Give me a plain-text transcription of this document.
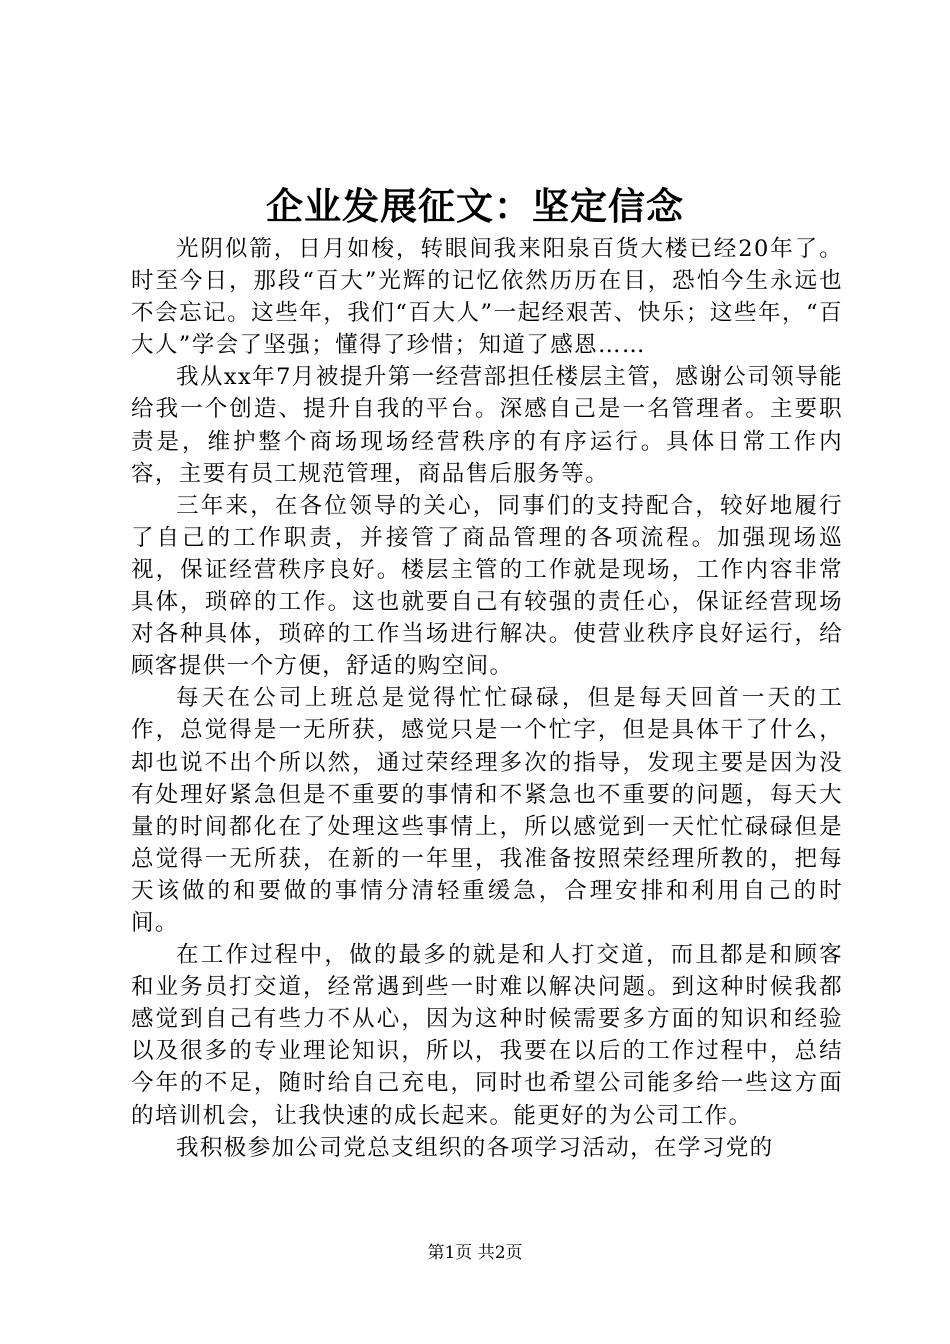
企业发展征文：坚定信念

光阴似箭，日月如梭，转眼间我来阳泉百货大楼已经20年了。时至今日，那段“百大”光辉的记忆依然历历在目，恐怕今生永远也不会忘记。这些年，我们“百大人”一起经艰苦、快乐；这些年，“百大人”学会了坚强；懂得了珍惜；知道了感恩……

我从xx年7月被提升第一经营部担任楼层主管，感谢公司领导能给我一个创造、提升自我的平台。深感自己是一名管理者。主要职责是，维护整个商场现场经营秩序的有序运行。具体日常工作内容，主要有员工规范管理，商品售后服务等。

三年来，在各位领导的关心，同事们的支持配合，较好地履行了自己的工作职责，并接管了商品管理的各项流程。加强现场巡视，保证经营秩序良好。楼层主管的工作就是现场，工作内容非常具体，琐碎的工作。这也就要自己有较强的责任心，保证经营现场对各种具体，琐碎的工作当场进行解决。使营业秩序良好运行，给顾客提供一个方便，舒适的购空间。

每天在公司上班总是觉得忙忙碌碌，但是每天回首一天的工作，总觉得是一无所获，感觉只是一个忙字，但是具体干了什么，却也说不出个所以然，通过荣经理多次的指导，发现主要是因为没有处理好紧急但是不重要的事情和不紧急也不重要的问题，每天大量的时间都化在了处理这些事情上，所以感觉到一天忙忙碌碌但是总觉得一无所获，在新的一年里，我准备按照荣经理所教的，把每天该做的和要做的事情分清轻重缓急，合理安排和利用自己的时间。

在工作过程中，做的最多的就是和人打交道，而且都是和顾客和业务员打交道，经常遇到些一时难以解决问题。到这种时候我都感觉到自己有些力不从心，因为这种时候需要多方面的知识和经验以及很多的专业理论知识，所以，我要在以后的工作过程中，总结今年的不足，随时给自己充电，同时也希望公司能多给一些这方面的培训机会，让我快速的成长起来。能更好的为公司工作。

我积极参加公司党总支组织的各项学习活动，在学习党的

第1页 共2页
